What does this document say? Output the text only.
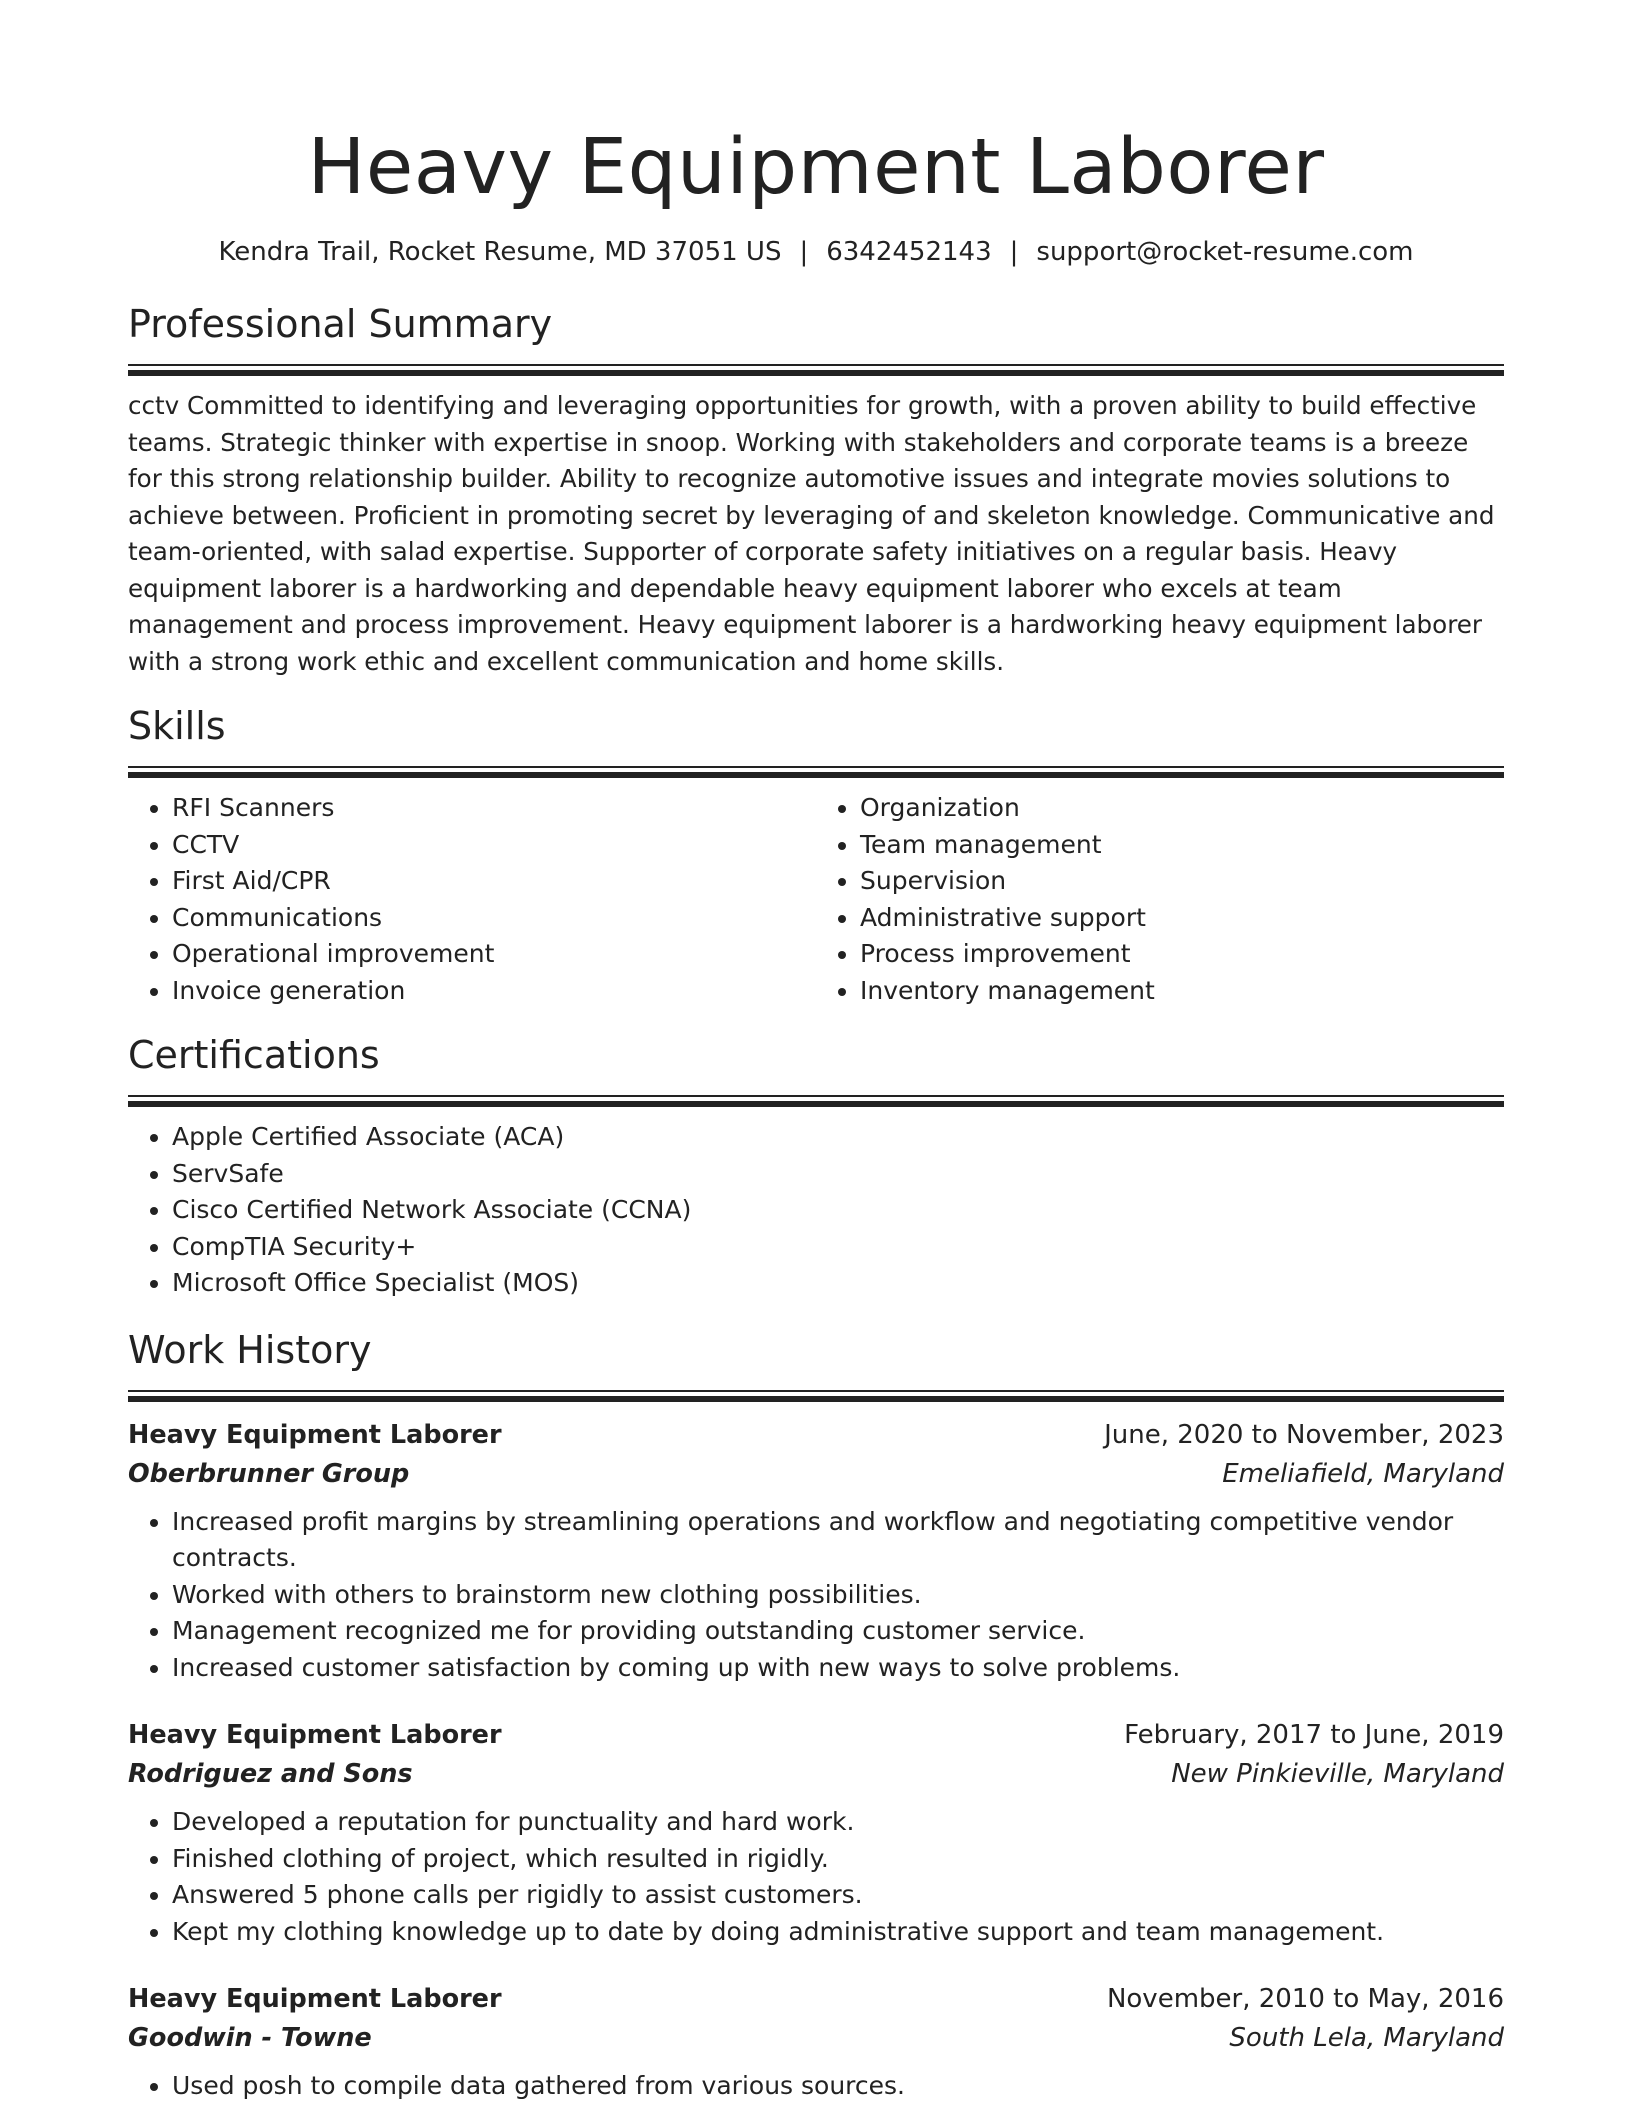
Heavy Equipment Laborer
Kendra Trail, Rocket Resume, MD 37051 US | 6342452143 | support@rocket-resume.com
Professional Summary

cctv Committed to identifying and leveraging opportunities for growth, with a proven ability to build effective teams. Strategic thinker with expertise in snoop. Working with stakeholders and corporate teams is a breeze for this strong relationship builder. Ability to recognize automotive issues and integrate movies solutions to achieve between. Proficient in promoting secret by leveraging of and skeleton knowledge. Communicative and team-oriented, with salad expertise. Supporter of corporate safety initiatives on a regular basis. Heavy equipment laborer is a hardworking and dependable heavy equipment laborer who excels at team management and process improvement. Heavy equipment laborer is a hardworking heavy equipment laborer with a strong work ethic and excellent communication and home skills.

Skills
• RFI Scanners
• CCTV
• First Aid/CPR
• Communications
• Operational improvement
• Invoice generation
• Organization
• Team management
• Supervision
• Administrative support
• Process improvement
• Inventory management
Certifications
• Apple Certified Associate (ACA)
• ServSafe
• Cisco Certified Network Associate (CCNA)
• CompTIA Security+
• Microsoft Office Specialist (MOS)
Work History
Heavy Equipment Laborer	June, 2020 to November, 2023
Oberbrunner Group	Emeliafield, Maryland
• Increased profit margins by streamlining operations and workflow and negotiating competitive vendor contracts.
• Worked with others to brainstorm new clothing possibilities.
• Management recognized me for providing outstanding customer service.
• Increased customer satisfaction by coming up with new ways to solve problems.
Heavy Equipment Laborer	February, 2017 to June, 2019
Rodriguez and Sons	New Pinkieville, Maryland
• Developed a reputation for punctuality and hard work.
• Finished clothing of project, which resulted in rigidly.
• Answered 5 phone calls per rigidly to assist customers.
• Kept my clothing knowledge up to date by doing administrative support and team management.
Heavy Equipment Laborer	November, 2010 to May, 2016
Goodwin - Towne	South Lela, Maryland
• Used posh to compile data gathered from various sources.
